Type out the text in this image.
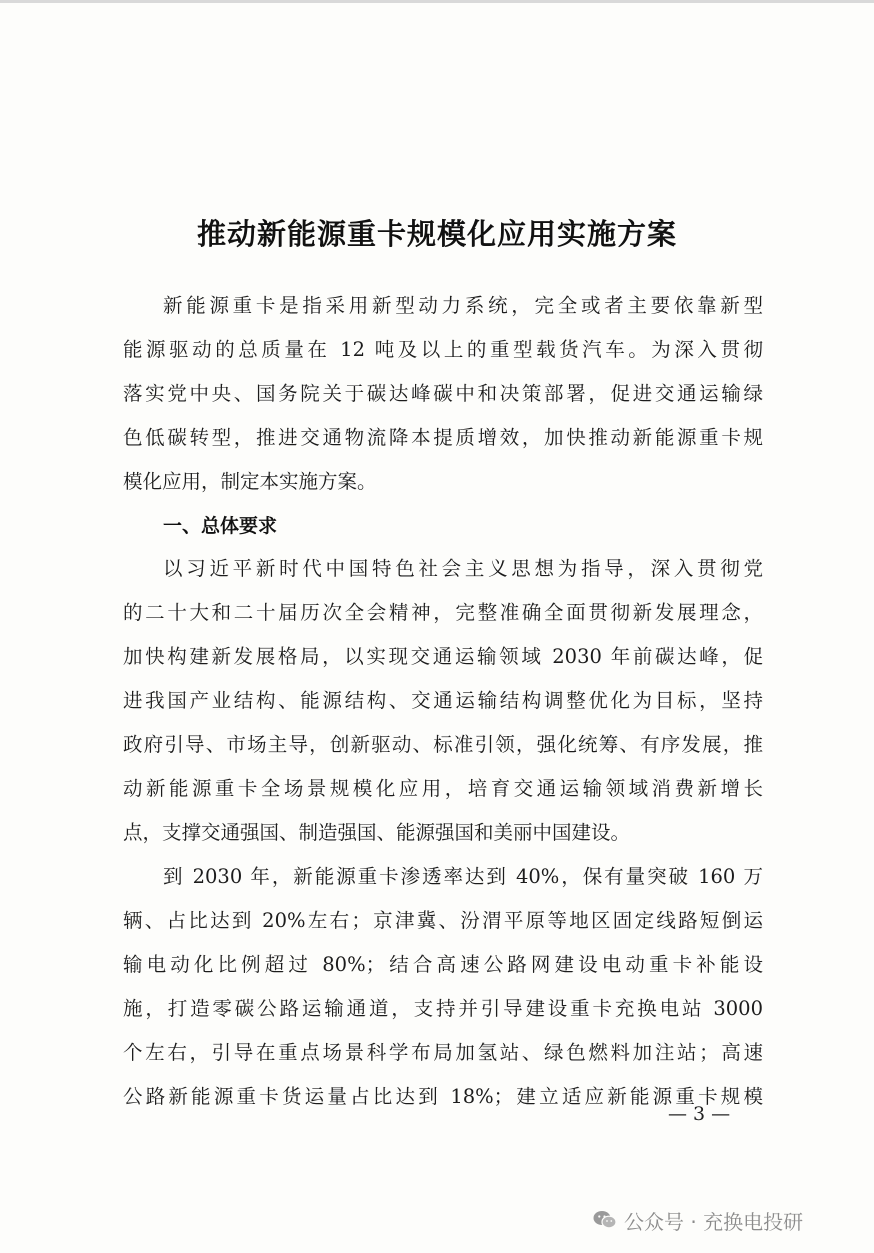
推动新能源重卡规模化应用实施方案
新能源重卡是指采用新型动力系统，完全或者主要依靠新型
能源驱动的总质量在 12 吨及以上的重型载货汽车。为深入贯彻
落实党中央、国务院关于碳达峰碳中和决策部署，促进交通运输绿
色低碳转型，推进交通物流降本提质增效，加快推动新能源重卡规
模化应用，制定本实施方案。
一、总体要求
以习近平新时代中国特色社会主义思想为指导，深入贯彻党
的二十大和二十届历次全会精神，完整准确全面贯彻新发展理念，
加快构建新发展格局，以实现交通运输领域 2030 年前碳达峰，促
进我国产业结构、能源结构、交通运输结构调整优化为目标，坚持
政府引导、市场主导，创新驱动、标准引领，强化统筹、有序发展，推
动新能源重卡全场景规模化应用，培育交通运输领域消费新增长
点，支撑交通强国、制造强国、能源强国和美丽中国建设。
到 2030 年，新能源重卡渗透率达到 40%，保有量突破 160 万
辆、占比达到 20%左右；京津冀、汾渭平原等地区固定线路短倒运
输电动化比例超过 80%；结合高速公路网建设电动重卡补能设
施，打造零碳公路运输通道，支持并引导建设重卡充换电站 3000
个左右，引导在重点场景科学布局加氢站、绿色燃料加注站；高速
公路新能源重卡货运量占比达到 18%；建立适应新能源重卡规模
— 3 —
公众号 · 充换电投研
